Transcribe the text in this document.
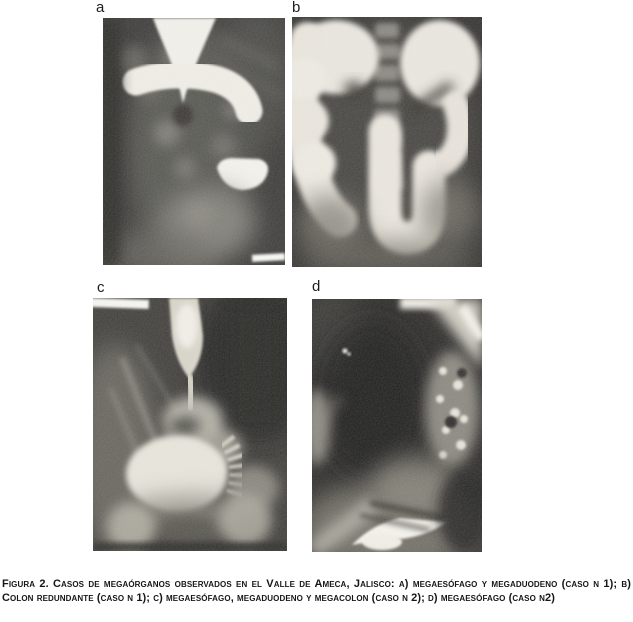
a	b
c	d

Figura 2. Casos de megaórganos observados en el Valle de Ameca, Jalisco: a) megaesófago y megaduodeno (caso n 1); b) Colon redundante (caso n 1); c) megaesófago, megaduodeno y megacolon (caso n 2); d) megaesófago (caso n2)
